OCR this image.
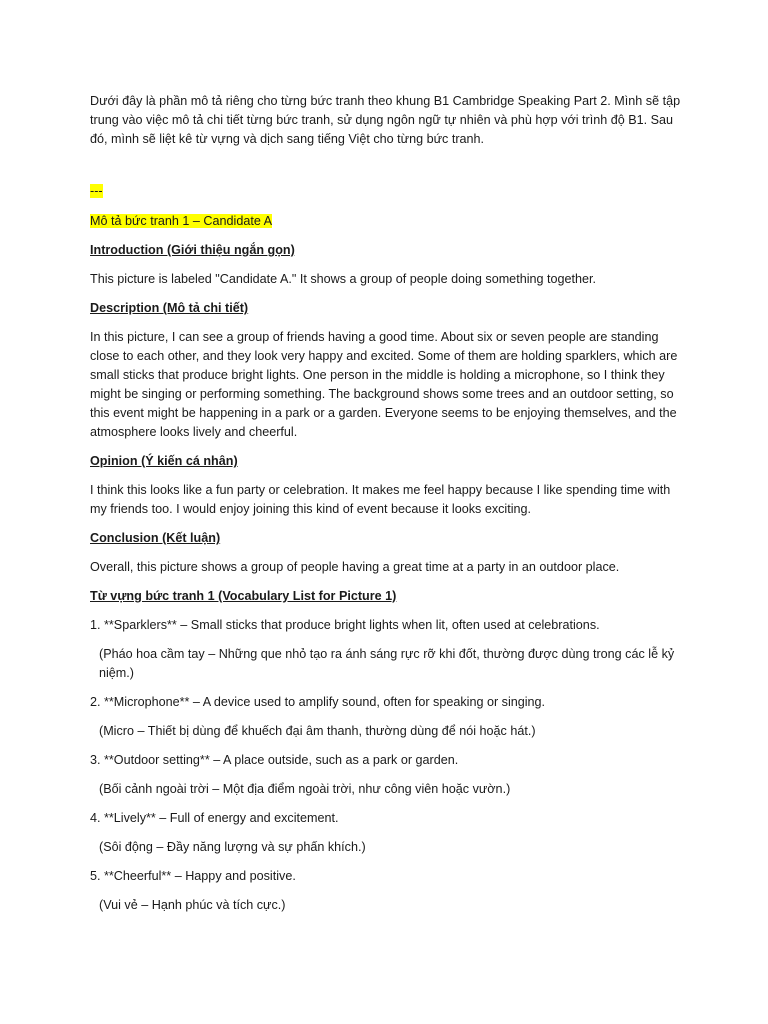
Dưới đây là phần mô tả riêng cho từng bức tranh theo khung B1 Cambridge Speaking Part 2. Mình sẽ tập trung vào việc mô tả chi tiết từng bức tranh, sử dụng ngôn ngữ tự nhiên và phù hợp với trình độ B1. Sau đó, mình sẽ liệt kê từ vựng và dịch sang tiếng Việt cho từng bức tranh.

---

Mô tả bức tranh 1 – Candidate A

Introduction (Giới thiệu ngắn gọn)

This picture is labeled "Candidate A." It shows a group of people doing something together.

Description (Mô tả chi tiết)

In this picture, I can see a group of friends having a good time. About six or seven people are standing close to each other, and they look very happy and excited. Some of them are holding sparklers, which are small sticks that produce bright lights. One person in the middle is holding a microphone, so I think they might be singing or performing something. The background shows some trees and an outdoor setting, so this event might be happening in a park or a garden. Everyone seems to be enjoying themselves, and the atmosphere looks lively and cheerful.

Opinion (Ý kiến cá nhân)

I think this looks like a fun party or celebration. It makes me feel happy because I like spending time with my friends too. I would enjoy joining this kind of event because it looks exciting.

Conclusion (Kết luận)

Overall, this picture shows a group of people having a great time at a party in an outdoor place.

Từ vựng bức tranh 1 (Vocabulary List for Picture 1)

1. **Sparklers** – Small sticks that produce bright lights when lit, often used at celebrations.

(Pháo hoa cầm tay – Những que nhỏ tạo ra ánh sáng rực rỡ khi đốt, thường được dùng trong các lễ kỷ niệm.)

2. **Microphone** – A device used to amplify sound, often for speaking or singing.

(Micro – Thiết bị dùng để khuếch đại âm thanh, thường dùng để nói hoặc hát.)

3. **Outdoor setting** – A place outside, such as a park or garden.

(Bối cảnh ngoài trời – Một địa điểm ngoài trời, như công viên hoặc vườn.)

4. **Lively** – Full of energy and excitement.

(Sôi động – Đầy năng lượng và sự phấn khích.)

5. **Cheerful** – Happy and positive.

(Vui vẻ – Hạnh phúc và tích cực.)
